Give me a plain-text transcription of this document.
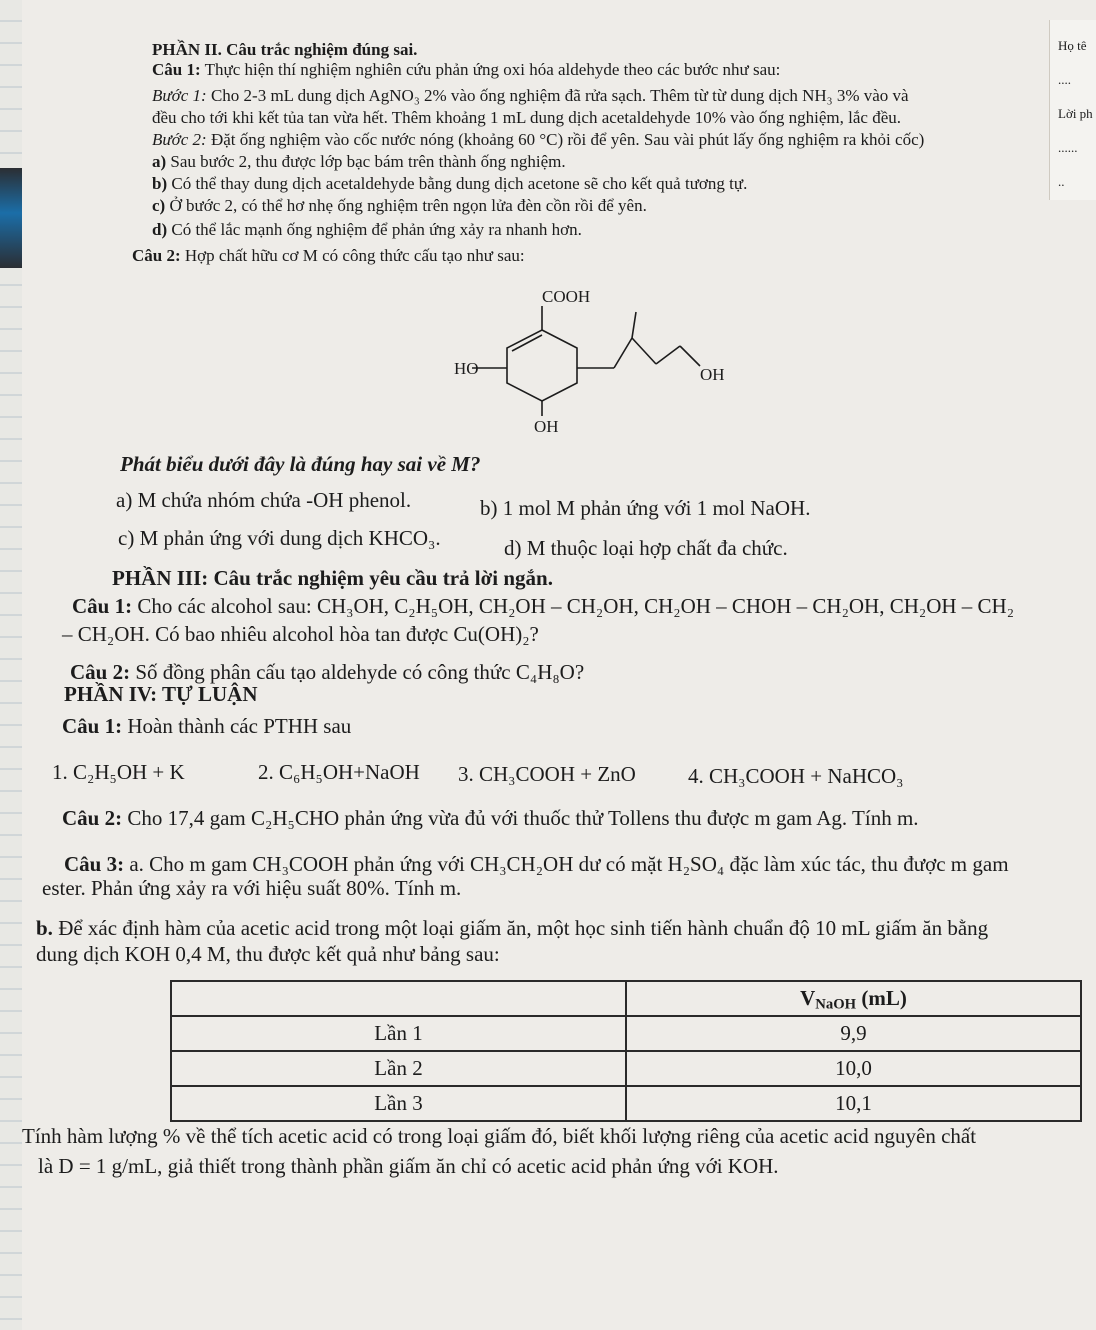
Họ tê
....
Lời ph
......
..
PHẦN II. Câu trắc nghiệm đúng sai.
Câu 1: Thực hiện thí nghiệm nghiên cứu phản ứng oxi hóa aldehyde theo các bước như sau:
Bước 1: Cho 2-3 mL dung dịch AgNO₃ 2% vào ống nghiệm đã rửa sạch. Thêm từ từ dung dịch NH₃ 3% vào và
đều cho tới khi kết tủa tan vừa hết. Thêm khoảng 1 mL dung dịch acetaldehyde 10% vào ống nghiệm, lắc đều.
Bước 2: Đặt ống nghiệm vào cốc nước nóng (khoảng 60 °C) rồi để yên. Sau vài phút lấy ống nghiệm ra khỏi cốc)
a) Sau bước 2, thu được lớp bạc bám trên thành ống nghiệm.
b) Có thể thay dung dịch acetaldehyde bằng dung dịch acetone sẽ cho kết quả tương tự.
c) Ở bước 2, có thể hơ nhẹ ống nghiệm trên ngọn lửa đèn cồn rồi để yên.
d) Có thể lắc mạnh ống nghiệm để phản ứng xảy ra nhanh hơn.
Câu 2: Hợp chất hữu cơ M có công thức cấu tạo như sau:
COOH
HO	OH
OH
Phát biểu dưới đây là đúng hay sai về M?
a) M chứa nhóm chứa -OH phenol.	b) 1 mol M phản ứng với 1 mol NaOH.
c) M phản ứng với dung dịch KHCO₃.	d) M thuộc loại hợp chất đa chức.
PHẦN III: Câu trắc nghiệm yêu cầu trả lời ngắn.
Câu 1: Cho các alcohol sau: CH₃OH, C₂H₅OH, CH₂OH – CH₂OH, CH₂OH – CHOH – CH₂OH, CH₂OH – CH₂
– CH₂OH. Có bao nhiêu alcohol hòa tan được Cu(OH)₂?
Câu 2: Số đồng phân cấu tạo aldehyde có công thức C₄H₈O?
PHẦN IV: TỰ LUẬN
Câu 1: Hoàn thành các PTHH sau
1. C₂H₅OH + K	2. C₆H₅OH+NaOH 3. CH₃COOH + ZnO 4. CH₃COOH + NaHCO₃
Câu 2: Cho 17,4 gam C₂H₅CHO phản ứng vừa đủ với thuốc thử Tollens thu được m gam Ag. Tính m.
Câu 3: a. Cho m gam CH₃COOH phản ứng với CH₃CH₂OH dư có mặt H₂SO₄ đặc làm xúc tác, thu được m gam
ester. Phản ứng xảy ra với hiệu suất 80%. Tính m.
b. Để xác định hàm của acetic acid trong một loại giấm ăn, một học sinh tiến hành chuẩn độ 10 mL giấm ăn bằng
dung dịch KOH 0,4 M, thu được kết quả như bảng sau:
	$V_{NaOH}$ (mL)
Lần 1	9,9
Lần 2	10,0
Lần 3	10,1
Tính hàm lượng % về thể tích acetic acid có trong loại giấm đó, biết khối lượng riêng của acetic acid nguyên chất
là D = 1 g/mL, giả thiết trong thành phần giấm ăn chỉ có acetic acid phản ứng với KOH.
